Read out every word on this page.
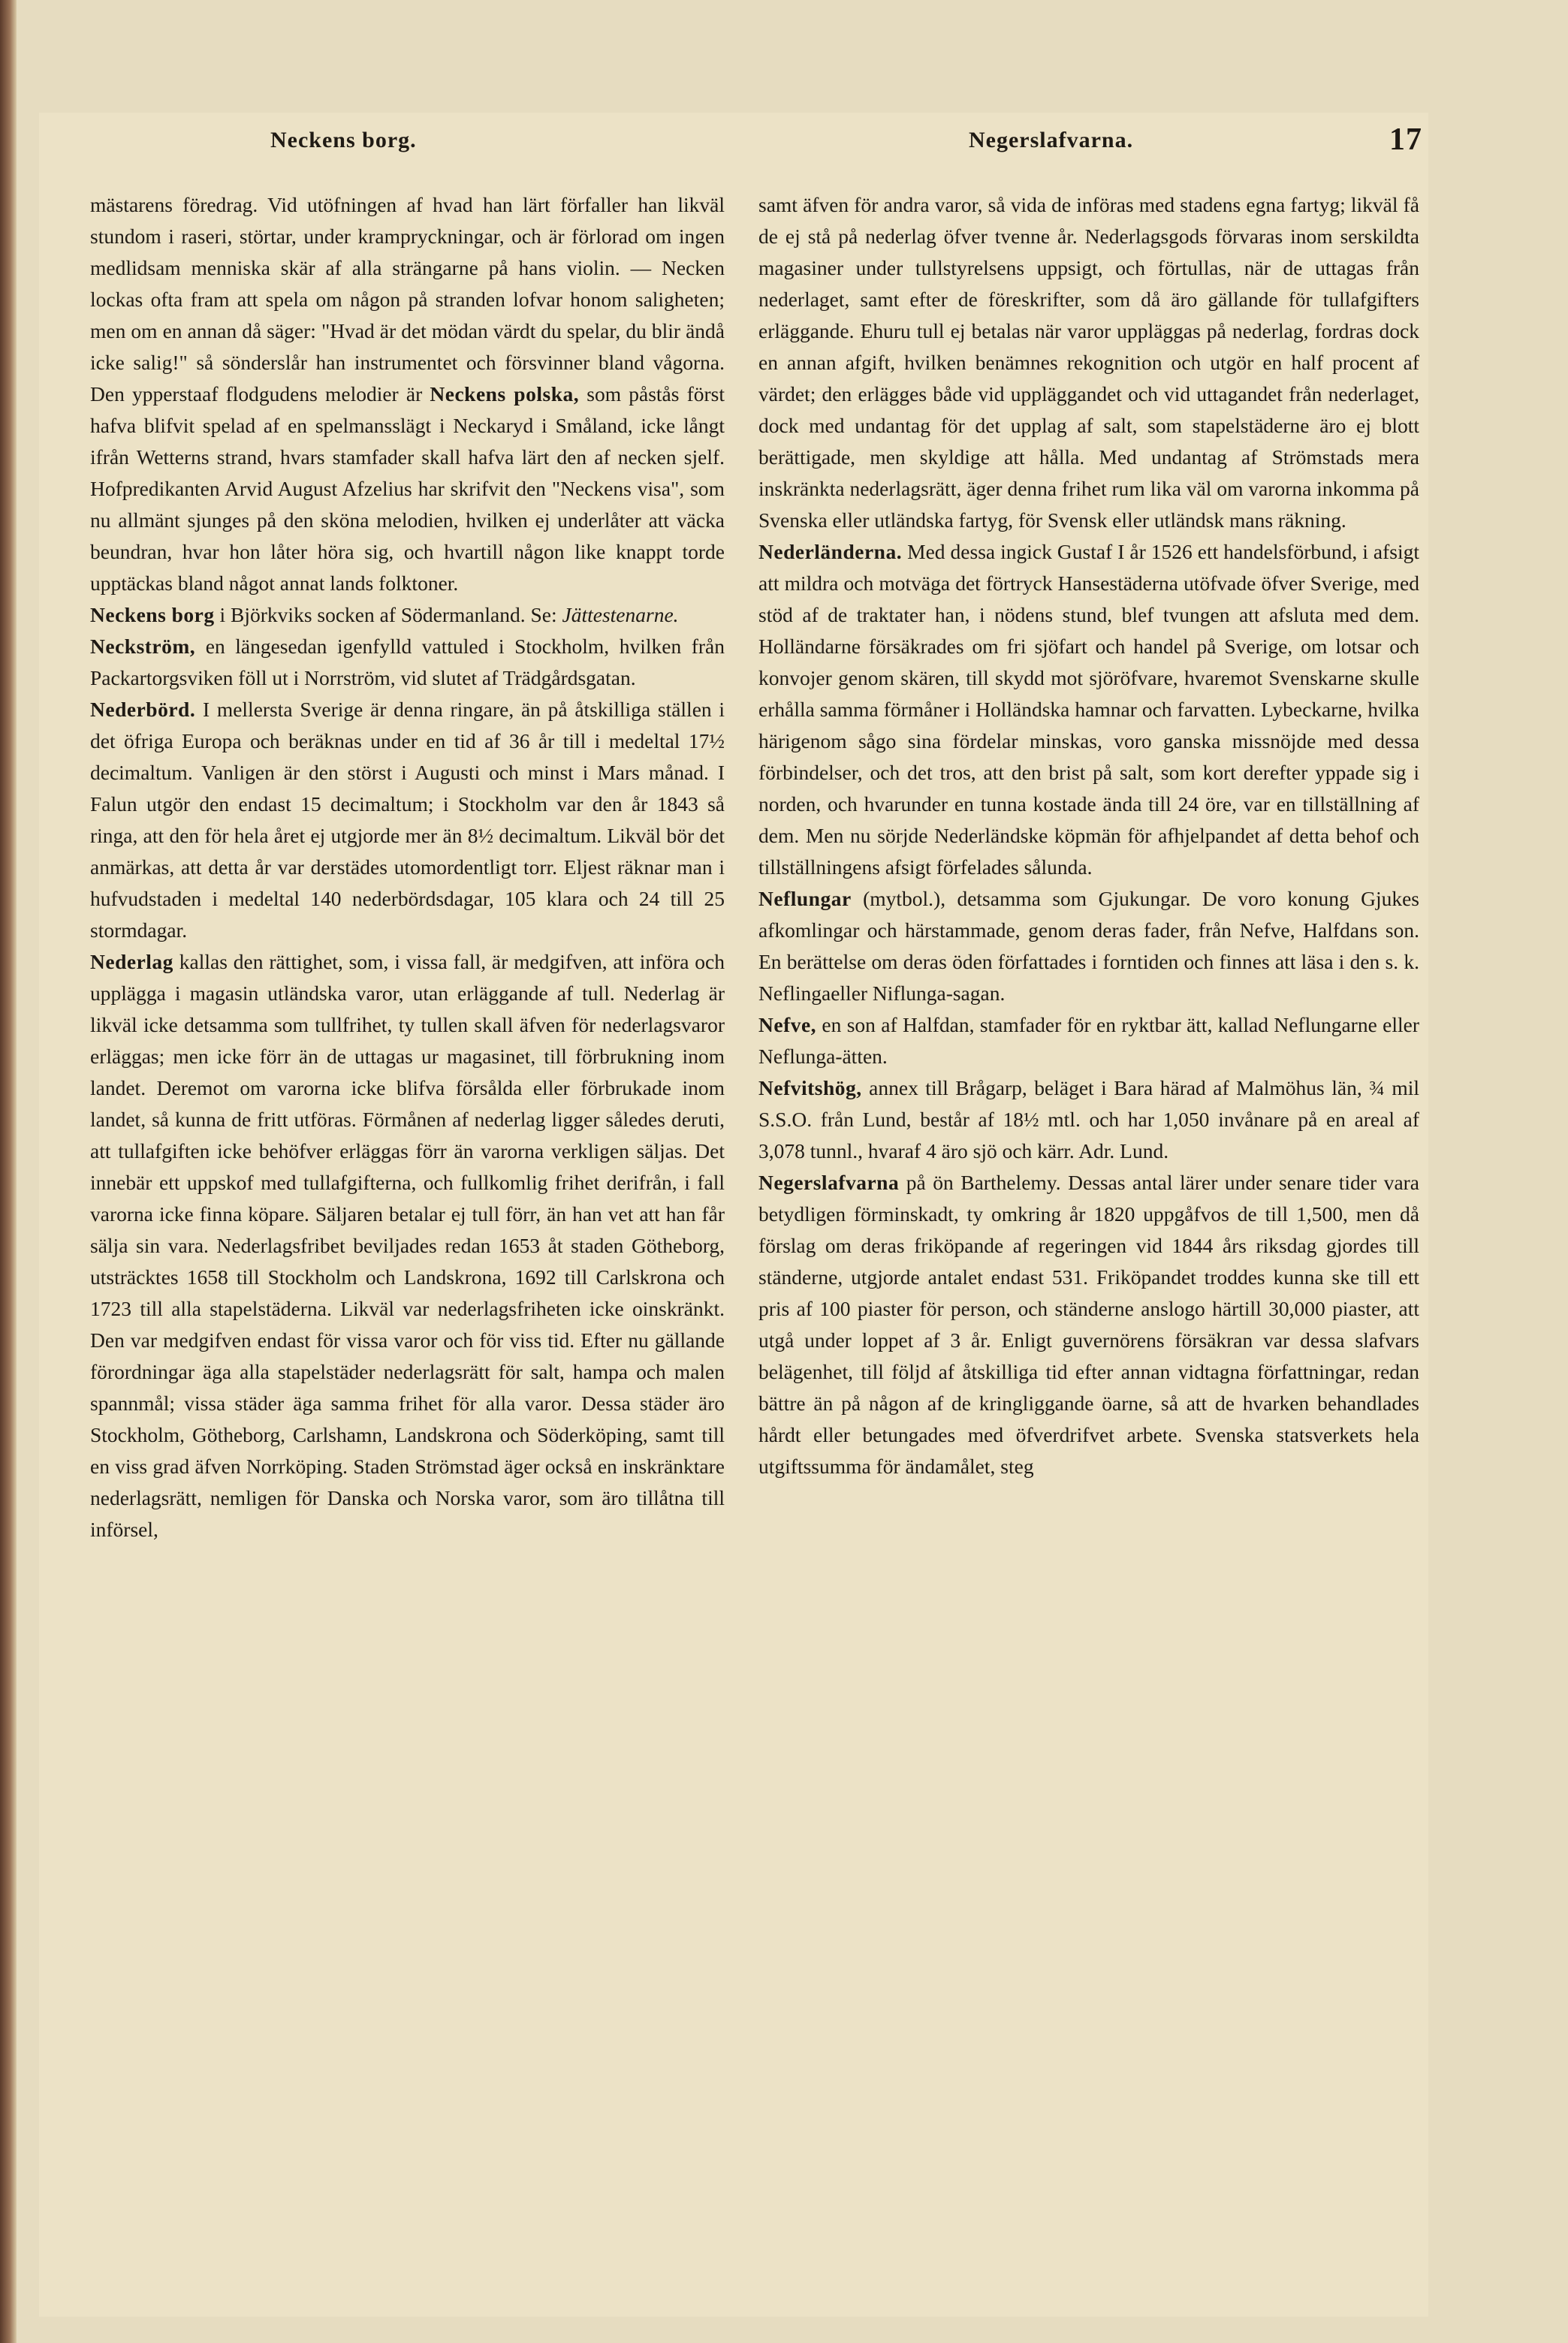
Neckens borg.	Negerslafvarna.	17

mästarens föredrag. Vid utöfningen af hvad han lärt förfaller han likväl stundom i raseri, störtar, under krampryckningar, och är förlorad om ingen medlidsam menniska skär af alla strängarne på hans violin. — Necken lockas ofta fram att spela om någon på stranden lofvar honom saligheten; men om en annan då säger: "Hvad är det mödan värdt du spelar, du blir ändå icke salig!" så sönderslår han instrumentet och försvinner bland vågorna. Den ypperstaaf flodgudens melodier är Neckens polska, som påstås först hafva blifvit spelad af en spelmansslägt i Neckaryd i Småland, icke långt ifrån Wetterns strand, hvars stamfader skall hafva lärt den af necken sjelf. Hofpredikanten Arvid August Afzelius har skrifvit den "Neckens visa", som nu allmänt sjunges på den sköna melodien, hvilken ej underlåter att väcka beundran, hvar hon låter höra sig, och hvartill någon like knappt torde upptäckas bland något annat lands folktoner.

Neckens borg i Björkviks socken af Södermanland. Se: Jättestenarne.

Neckström, en längesedan igenfylld vattuled i Stockholm, hvilken från Packartorgsviken föll ut i Norrström, vid slutet af Trädgårdsgatan.

Nederbörd. I mellersta Sverige är denna ringare, än på åtskilliga ställen i det öfriga Europa och beräknas under en tid af 36 år till i medeltal 17½ decimaltum. Vanligen är den störst i Augusti och minst i Mars månad. I Falun utgör den endast 15 decimaltum; i Stockholm var den år 1843 så ringa, att den för hela året ej utgjorde mer än 8½ decimaltum. Likväl bör det anmärkas, att detta år var derstädes utomordentligt torr. Eljest räknar man i hufvudstaden i medeltal 140 nederbördsdagar, 105 klara och 24 till 25 stormdagar.

Nederlag kallas den rättighet, som, i vissa fall, är medgifven, att införa och upplägga i magasin utländska varor, utan erläggande af tull. Nederlag är likväl icke detsamma som tullfrihet, ty tullen skall äfven för nederlagsvaror erläggas; men icke förr än de uttagas ur magasinet, till förbrukning inom landet. Deremot om varorna icke blifva försålda eller förbrukade inom landet, så kunna de fritt utföras. Förmånen af nederlag ligger således deruti, att tullafgiften icke behöfver erläggas förr än varorna verkligen säljas. Det innebär ett uppskof med tullafgifterna, och fullkomlig frihet derifrån, i fall varorna icke finna köpare. Säljaren betalar ej tull förr, än han vet att han får sälja sin vara. Nederlagsfribet beviljades redan 1653 åt staden Götheborg, utsträcktes 1658 till Stockholm och Landskrona, 1692 till Carlskrona och 1723 till alla stapelstäderna. Likväl var nederlagsfriheten icke oinskränkt. Den var medgifven endast för vissa varor och för viss tid. Efter nu gällande förordningar äga alla stapelstäder nederlagsrätt för salt, hampa och malen spannmål; vissa städer äga samma frihet för alla varor. Dessa städer äro Stockholm, Götheborg, Carlshamn, Landskrona och Söderköping, samt till en viss grad äfven Norrköping. Staden Strömstad äger också en inskränktare nederlagsrätt, nemligen för Danska och Norska varor, som äro tillåtna till införsel,

samt äfven för andra varor, så vida de införas med stadens egna fartyg; likväl få de ej stå på nederlag öfver tvenne år. Nederlagsgods förvaras inom serskildta magasiner under tullstyrelsens uppsigt, och förtullas, när de uttagas från nederlaget, samt efter de föreskrifter, som då äro gällande för tullafgifters erläggande. Ehuru tull ej betalas när varor uppläggas på nederlag, fordras dock en annan afgift, hvilken benämnes rekognition och utgör en half procent af värdet; den erlägges både vid uppläggandet och vid uttagandet från nederlaget, dock med undantag för det upplag af salt, som stapelstäderne äro ej blott berättigade, men skyldige att hålla. Med undantag af Strömstads mera inskränkta nederlagsrätt, äger denna frihet rum lika väl om varorna inkomma på Svenska eller utländska fartyg, för Svensk eller utländsk mans räkning.

Nederländerna. Med dessa ingick Gustaf I år 1526 ett handelsförbund, i afsigt att mildra och motväga det förtryck Hansestäderna utöfvade öfver Sverige, med stöd af de traktater han, i nödens stund, blef tvungen att afsluta med dem. Holländarne försäkrades om fri sjöfart och handel på Sverige, om lotsar och konvojer genom skären, till skydd mot sjöröfvare, hvaremot Svenskarne skulle erhålla samma förmåner i Holländska hamnar och farvatten. Lybeckarne, hvilka härigenom sågo sina fördelar minskas, voro ganska missnöjde med dessa förbindelser, och det tros, att den brist på salt, som kort derefter yppade sig i norden, och hvarunder en tunna kostade ända till 24 öre, var en tillställning af dem. Men nu sörjde Nederländske köpmän för afhjelpandet af detta behof och tillställningens afsigt förfelades sålunda.

Neflungar (mytbol.), detsamma som Gjukungar. De voro konung Gjukes afkomlingar och härstammade, genom deras fader, från Nefve, Halfdans son. En berättelse om deras öden författades i forntiden och finnes att läsa i den s. k. Neflingaeller Niflunga-sagan.

Nefve, en son af Halfdan, stamfader för en ryktbar ätt, kallad Neflungarne eller Neflunga-ätten.

Nefvitshög, annex till Brågarp, beläget i Bara härad af Malmöhus län, ¾ mil S.S.O. från Lund, består af 18½ mtl. och har 1,050 invånare på en areal af 3,078 tunnl., hvaraf 4 äro sjö och kärr. Adr. Lund.

Negerslafvarna på ön Barthelemy. Dessas antal lärer under senare tider vara betydligen förminskadt, ty omkring år 1820 uppgåfvos de till 1,500, men då förslag om deras friköpande af regeringen vid 1844 års riksdag gjordes till ständerne, utgjorde antalet endast 531. Friköpandet troddes kunna ske till ett pris af 100 piaster för person, och ständerne anslogo härtill 30,000 piaster, att utgå under loppet af 3 år. Enligt guvernörens försäkran var dessa slafvars belägenhet, till följd af åtskilliga tid efter annan vidtagna författningar, redan bättre än på någon af de kringliggande öarne, så att de hvarken behandlades hårdt eller betungades med öfverdrifvet arbete. Svenska statsverkets hela utgiftssumma för ändamålet, steg
